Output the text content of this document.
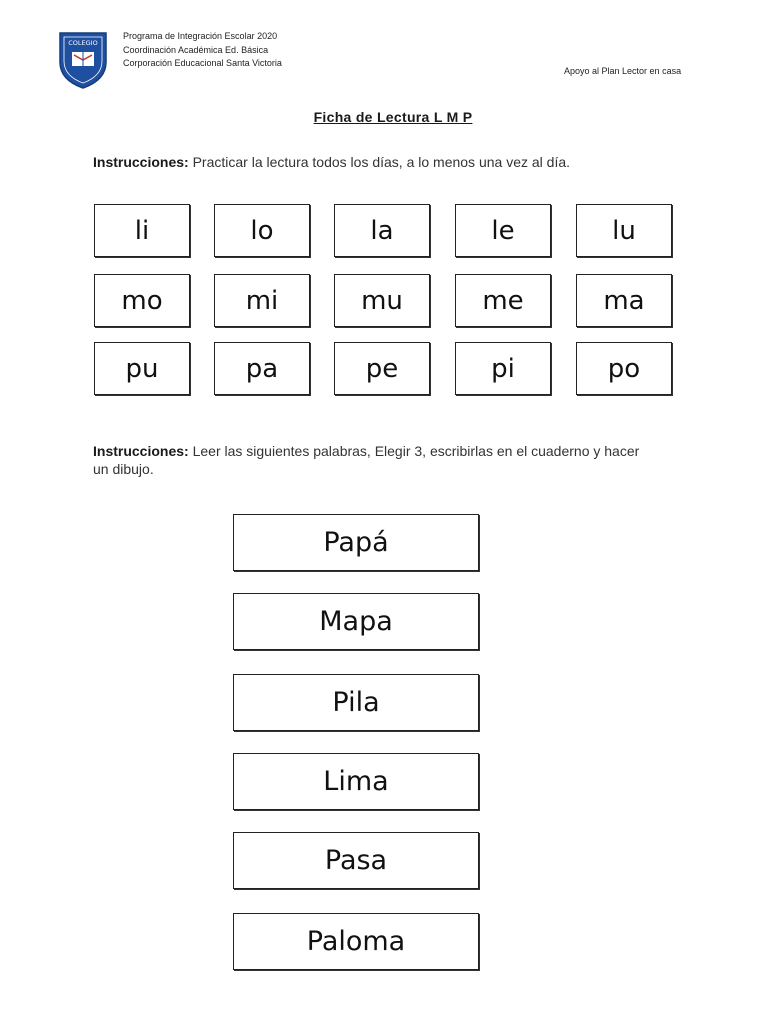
COLEGIO
Programa de Integración Escolar 2020
Coordinación Académica Ed. Básica
Corporación Educacional Santa Victoria
Apoyo al Plan Lector en casa
Ficha de Lectura L M P
Instrucciones: Practicar la lectura todos los días, a lo menos una vez al día.
li	lo	la	le	lu
mo	mi	mu	me	ma
pu	pa	pe	pi	po
Instrucciones: Leer las siguientes palabras, Elegir 3, escribirlas en el cuaderno y hacer un dibujo.
Papá
Mapa
Pila
Lima
Pasa
Paloma
